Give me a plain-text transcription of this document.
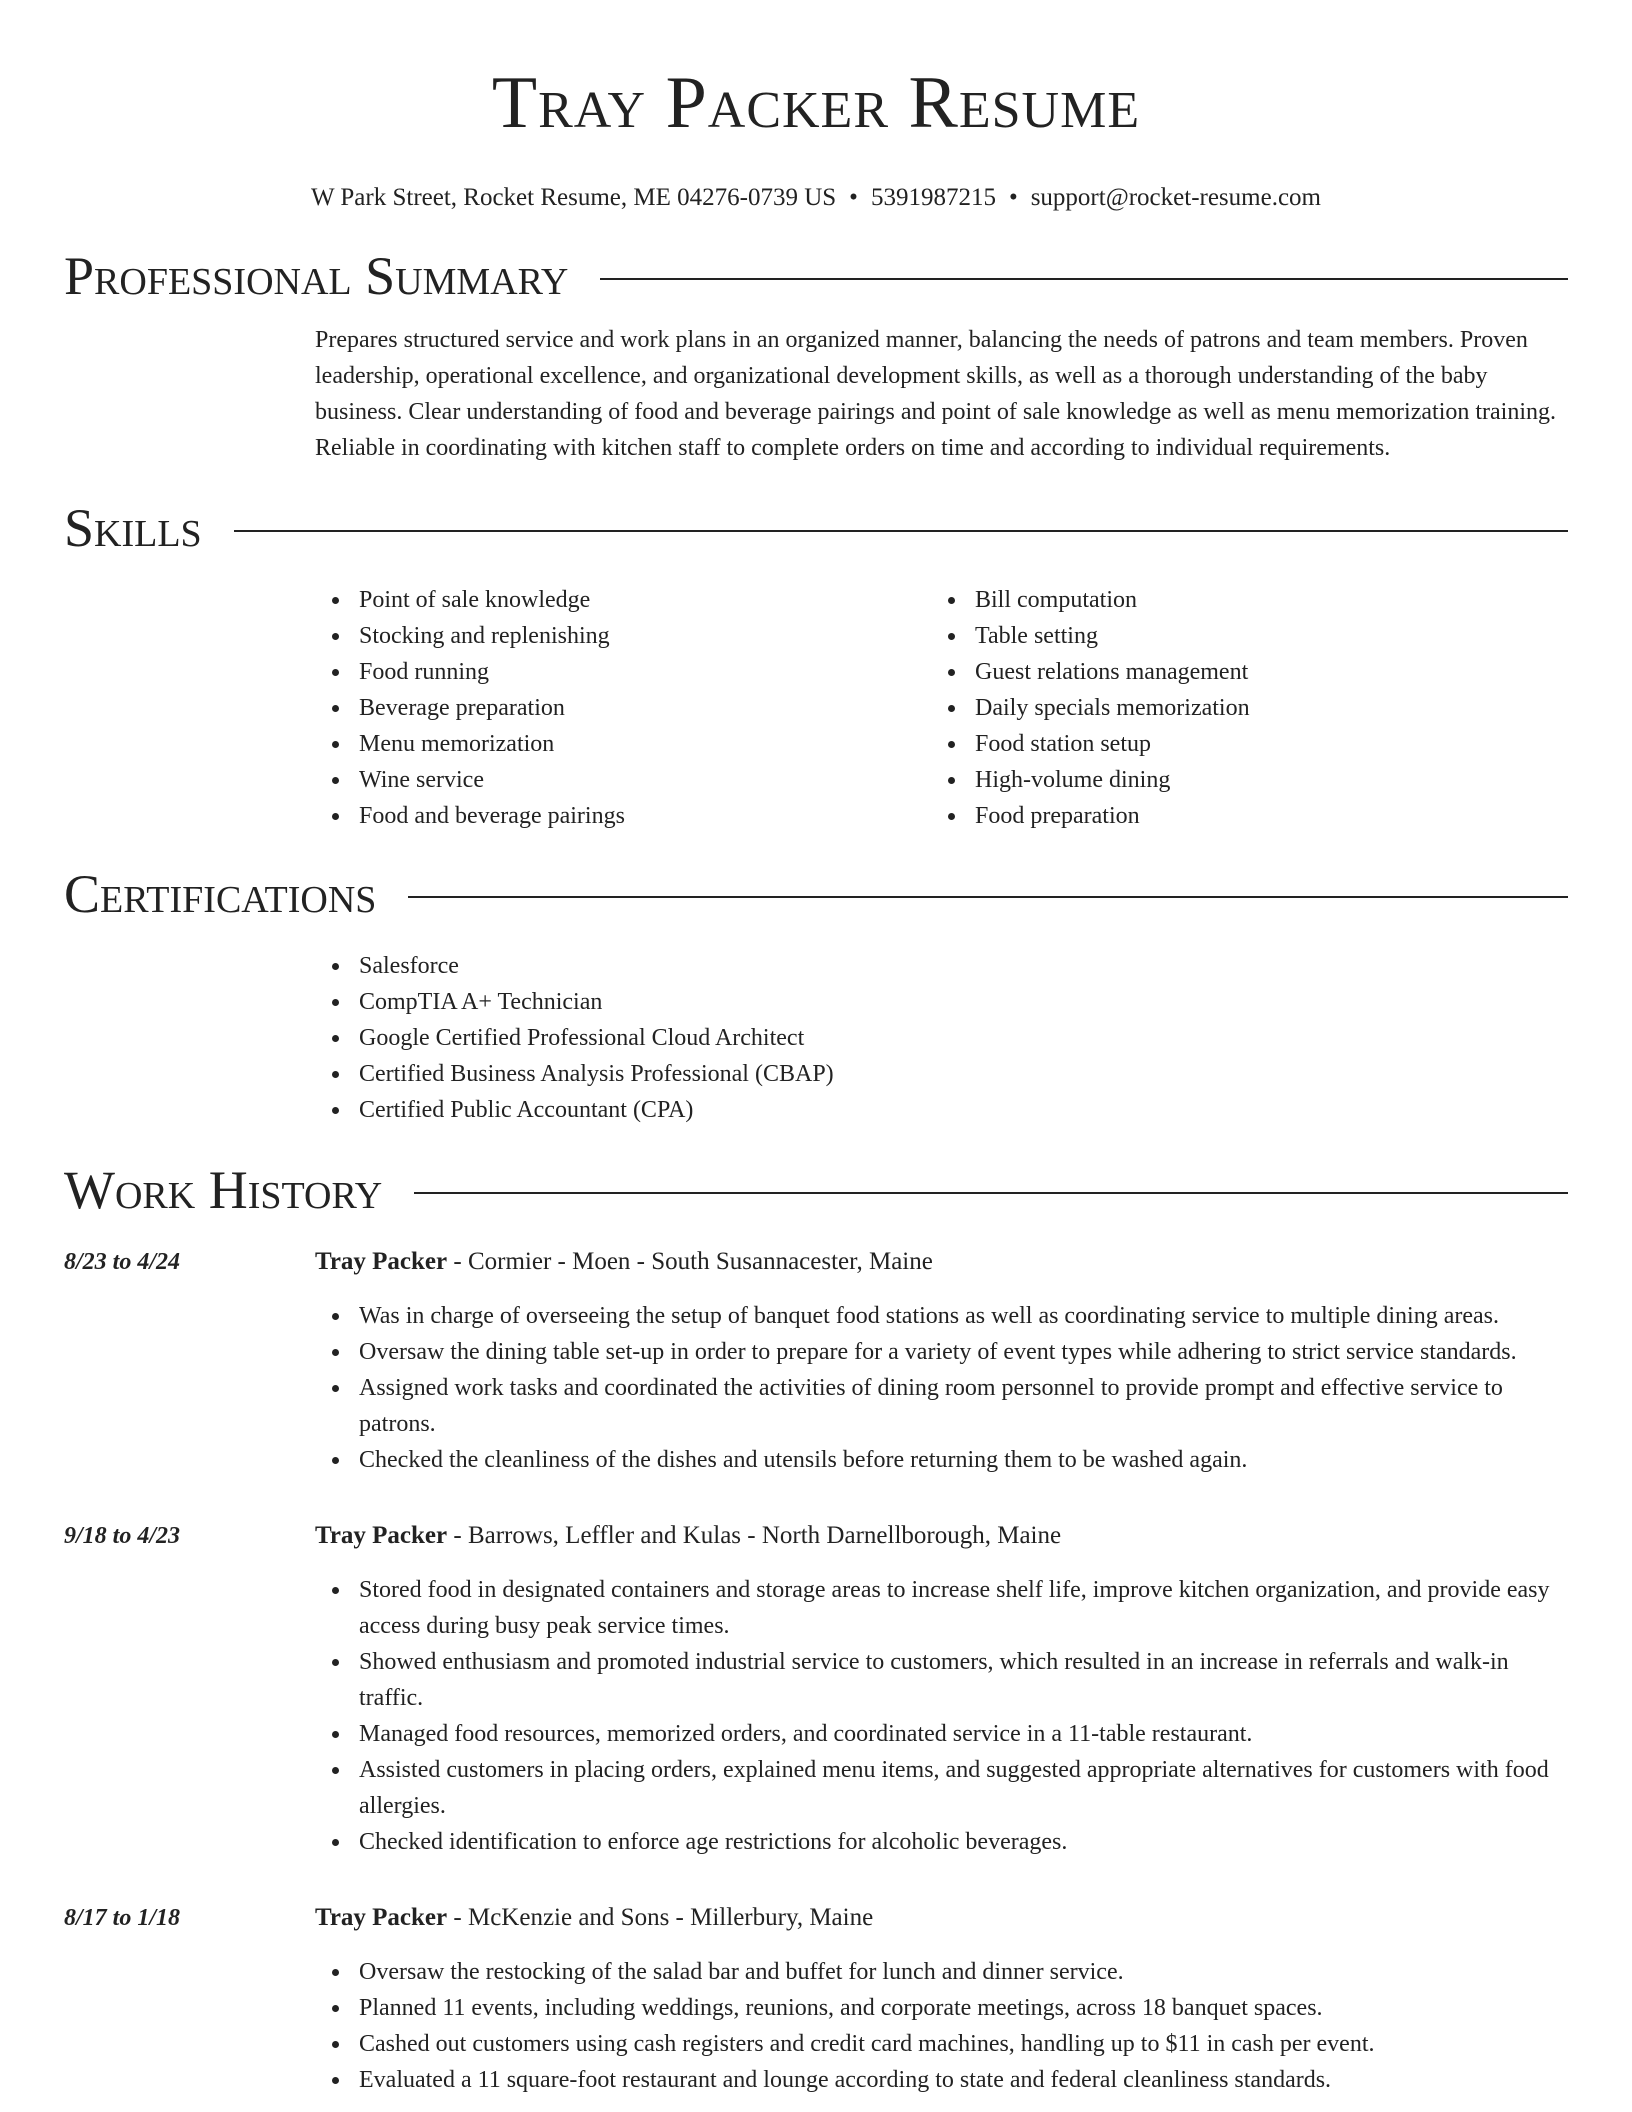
Tray Packer Resume
W Park Street, Rocket Resume, ME 04276-0739 US • 5391987215 • support@rocket-resume.com
Professional Summary

Prepares structured service and work plans in an organized manner, balancing the needs of patrons and team members. Proven leadership, operational excellence, and organizational development skills, as well as a thorough understanding of the baby business. Clear understanding of food and beverage pairings and point of sale knowledge as well as menu memorization training. Reliable in coordinating with kitchen staff to complete orders on time and according to individual requirements.

Skills
Point of sale knowledge
Stocking and replenishing
Food running
Beverage preparation
Menu memorization
Wine service
Food and beverage pairings
Bill computation
Table setting
Guest relations management
Daily specials memorization
Food station setup
High-volume dining
Food preparation
Certifications
Salesforce
CompTIA A+ Technician
Google Certified Professional Cloud Architect
Certified Business Analysis Professional (CBAP)
Certified Public Accountant (CPA)
Work History
8/23 to 4/24	Tray Packer - Cormier - Moen - South Susannacester, Maine
Was in charge of overseeing the setup of banquet food stations as well as coordinating service to multiple dining areas.
Oversaw the dining table set-up in order to prepare for a variety of event types while adhering to strict service standards.
Assigned work tasks and coordinated the activities of dining room personnel to provide prompt and effective service to patrons.
Checked the cleanliness of the dishes and utensils before returning them to be washed again.
9/18 to 4/23	Tray Packer - Barrows, Leffler and Kulas - North Darnellborough, Maine
Stored food in designated containers and storage areas to increase shelf life, improve kitchen organization, and provide easy access during busy peak service times.
Showed enthusiasm and promoted industrial service to customers, which resulted in an increase in referrals and walk-in traffic.
Managed food resources, memorized orders, and coordinated service in a 11-table restaurant.
Assisted customers in placing orders, explained menu items, and suggested appropriate alternatives for customers with food allergies.
Checked identification to enforce age restrictions for alcoholic beverages.
8/17 to 1/18	Tray Packer - McKenzie and Sons - Millerbury, Maine
Oversaw the restocking of the salad bar and buffet for lunch and dinner service.
Planned 11 events, including weddings, reunions, and corporate meetings, across 18 banquet spaces.
Cashed out customers using cash registers and credit card machines, handling up to $11 in cash per event.
Evaluated a 11 square-foot restaurant and lounge according to state and federal cleanliness standards.
